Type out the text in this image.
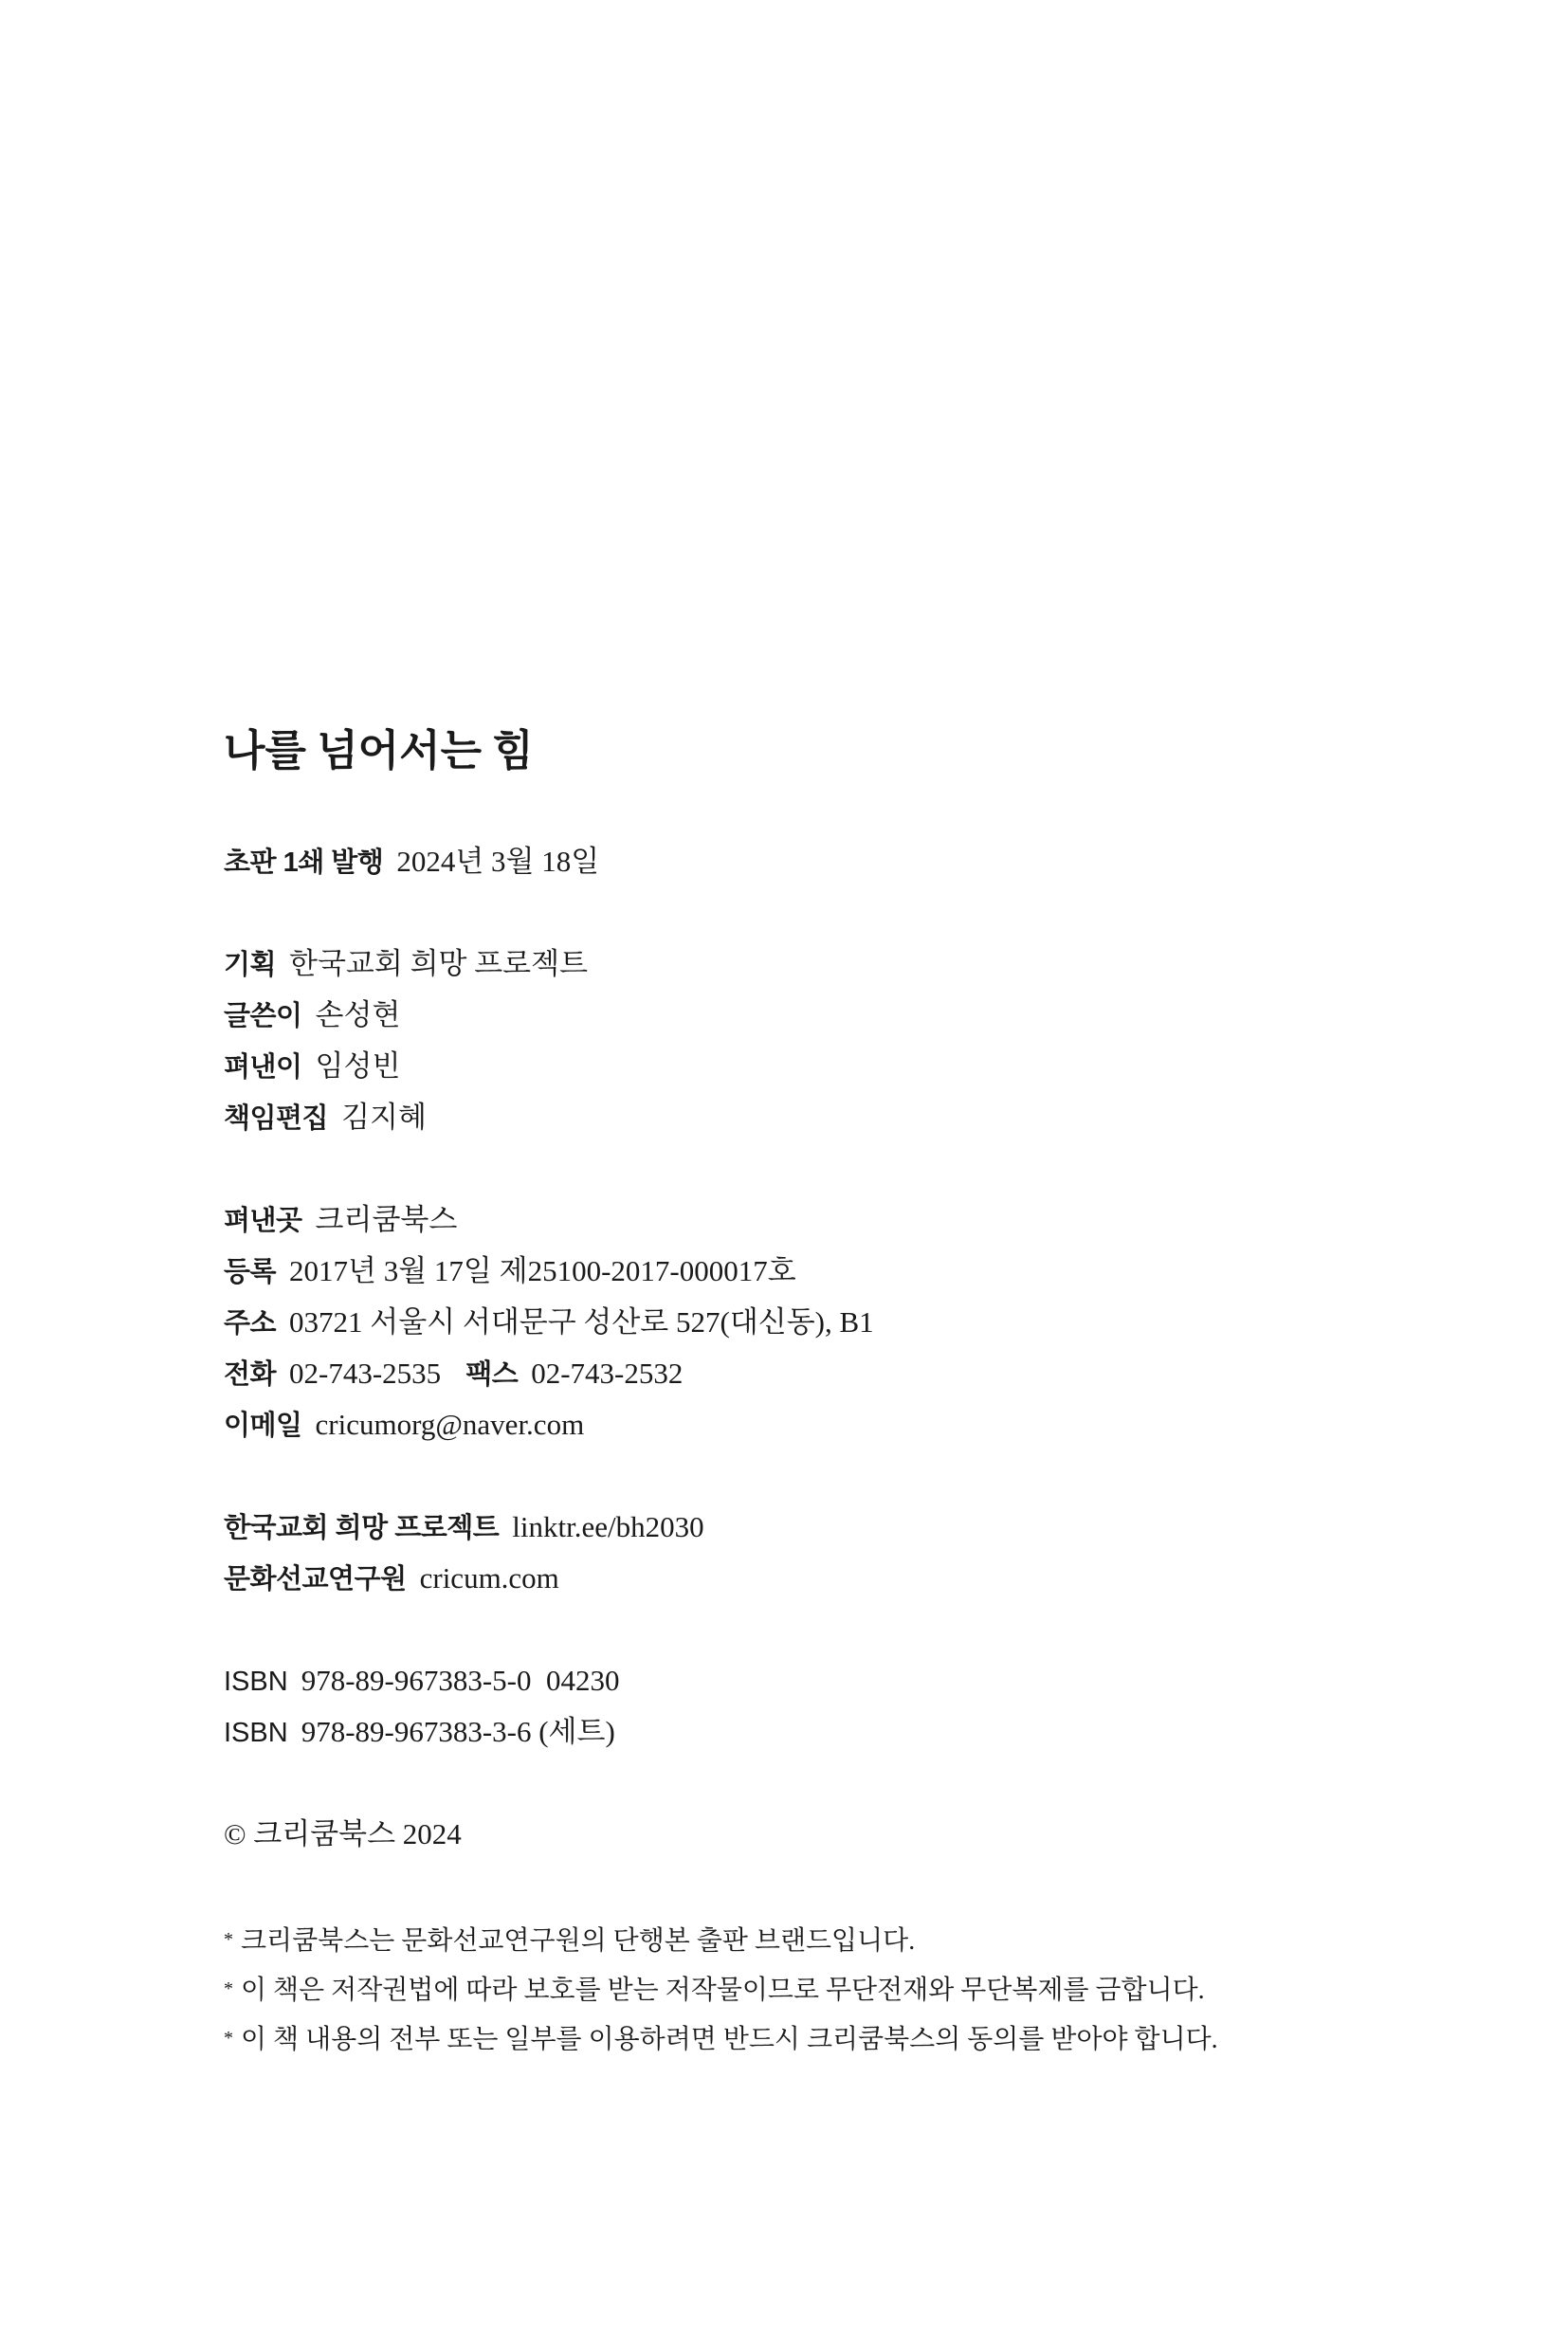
나를 넘어서는 힘
초판 1쇄 발행 2024년 3월 18일
기획 한국교회 희망 프로젝트
글쓴이 손성현
펴낸이 임성빈
책임편집 김지혜
펴낸곳 크리쿰북스
등록 2017년 3월 17일 제25100-2017-000017호
주소 03721 서울시 서대문구 성산로 527(대신동), B1
전화 02-743-2535 팩스 02-743-2532
이메일 cricumorg@naver.com
한국교회 희망 프로젝트 linktr.ee/bh2030
문화선교연구원 cricum.com
ISBN 978-89-967383-5-0  04230
ISBN 978-89-967383-3-6 (세트)
© 크리쿰북스 2024
* 크리쿰북스는 문화선교연구원의 단행본 출판 브랜드입니다.
* 이 책은 저작권법에 따라 보호를 받는 저작물이므로 무단전재와 무단복제를 금합니다.
* 이 책 내용의 전부 또는 일부를 이용하려면 반드시 크리쿰북스의 동의를 받아야 합니다.
